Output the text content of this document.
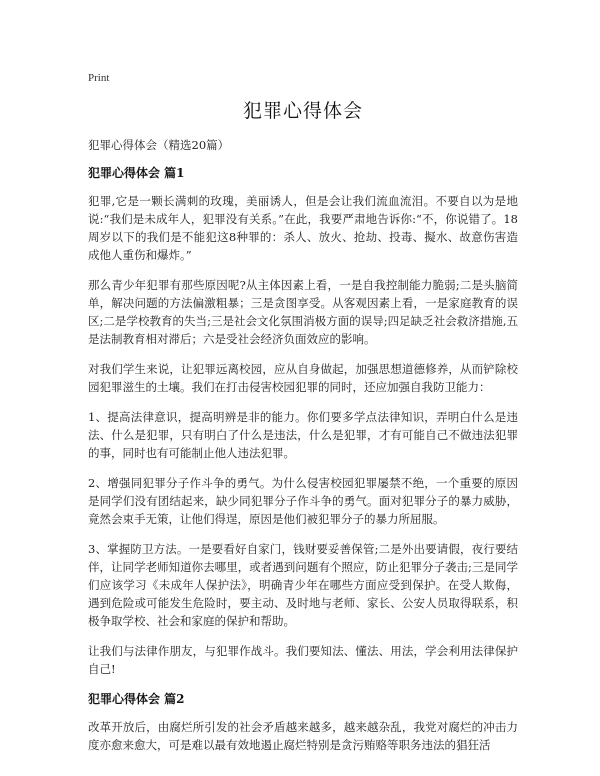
Print
犯罪心得体会

犯罪心得体会（精选20篇）

犯罪心得体会 篇1

犯罪,它是一颗长满刺的玫瑰，美丽诱人，但是会让我们流血流泪。不要自以为是地说:“我们是未成年人，犯罪没有关系。”在此，我要严肃地告诉你:“不，你说错了。18周岁以下的我们是不能犯这8种罪的：杀人、放火、抢劫、投毒、擬水、故意伤害造成他人重伤和爆炸。”

那么青少年犯罪有那些原因呢?从主体因素上看，一是自我控制能力脆弱;二是头脑简单，解决问题的方法偏激粗暴；三是贪图享受。从客观因素上看，一是家庭教育的误区;二是学校教育的失当;三是社会文化氛围消极方面的误导;四足缺乏社会救济措施,五是法制教育相对滞后；六是受社会经济负面效应的影响。

对我们学生来说，让犯罪远离校园，应从自身做起，加强思想道德修养，从而铲除校园犯罪滋生的土壤。我们在打击侵害校园犯罪的同时，还应加强自我防卫能力：

1、提高法律意识，提高明辨是非的能力。你们要多学点法律知识，弄明白什么是违法、什么是犯罪，只有明白了什么是违法，什么是犯罪，才有可能自己不做违法犯罪的事，同时也有可能制止他人违法犯罪。

2、增强同犯罪分子作斗争的勇气。为什么侵害校园犯罪屡禁不绝，一个重要的原因是同学们没有团结起来，缺少同犯罪分子作斗争的勇气。面对犯罪分子的暴力威胁，竟然会束手无策，让他们得逞，原因是他们被犯罪分子的暴力所屈服。

3、掌握防卫方法。一是要看好自家门，钱财要妥善保管;二是外出要请假，夜行要结伴，让同学老师知道你去哪里，或者遇到问题有个照应，防止犯罪分子袭击;三是同学们应该学习《未成年人保护法》，明确青少年在哪些方面应受到保护。在受人欺侮，遇到危险或可能发生危险时，要主动、及时地与老师、家长、公安人员取得联系，积极争取学校、社会和家庭的保护和帮助。

让我们与法律作朋友，与犯罪作战斗。我们要知法、懂法、用法，学会利用法律保护自己!

犯罪心得体会 篇2

改革开放后，由腐烂所引发的社会矛盾越来越多，越来越杂乱，我党对腐烂的冲击力度亦愈来愈大，可是难以最有效地遏止腐烂特别是贪污贿赂等职务违法的猖狂活
